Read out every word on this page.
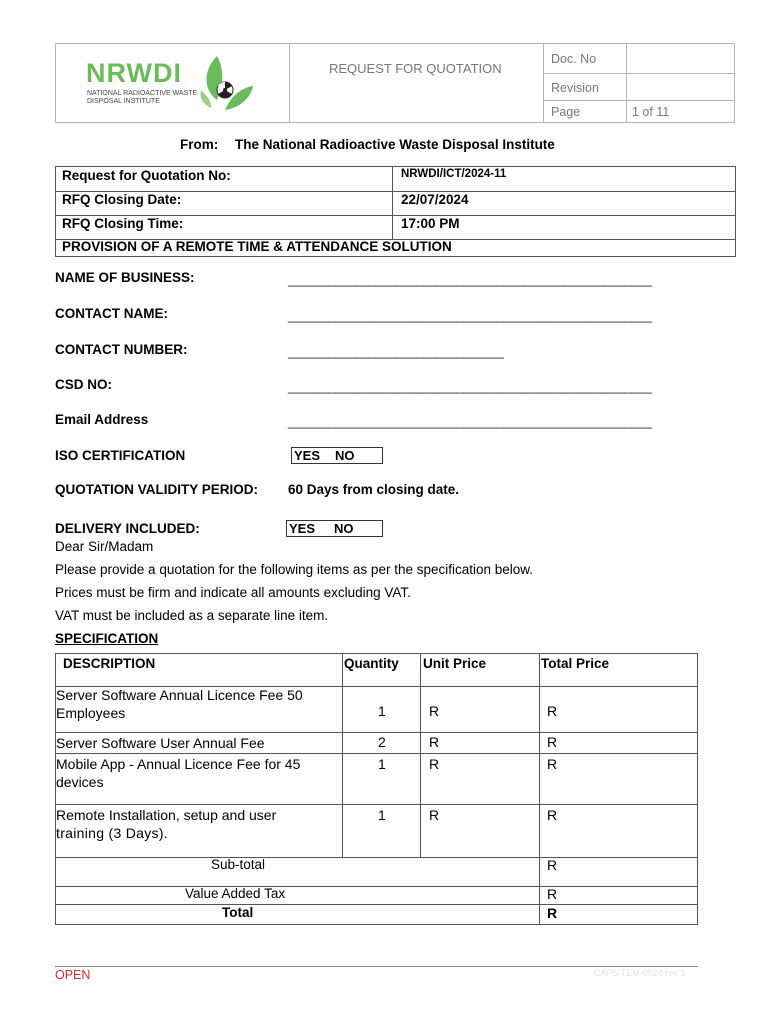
NRWDI
NATIONAL RADIOACTIVE WASTE
DISPOSAL INSTITUTE
REQUEST FOR QUOTATION
Doc. No
Revision
Page	1 of 11
From: The National Radioactive Waste Disposal Institute
Request for Quotation No:	NRWDI/ICT/2024-11
RFQ Closing Date:	22/07/2024
RFQ Closing Time:	17:00 PM
PROVISION OF A REMOTE TIME & ATTENDANCE SOLUTION
NAME OF BUSINESS:	______________________________________________________
CONTACT NAME:	______________________________________________________
CONTACT NUMBER:	________________________________
CSD NO:	______________________________________________________
Email Address	______________________________________________________
ISO CERTIFICATION	YES NO
QUOTATION VALIDITY PERIOD: 60 Days from closing date.
DELIVERY INCLUDED:	YES NO
Dear Sir/Madam
Please provide a quotation for the following items as per the specification below.
Prices must be firm and indicate all amounts excluding VAT.
VAT must be included as a separate line item.
SPECIFICATION
DESCRIPTION	Quantity Unit Price	Total Price
Server Software Annual Licence Fee 50
Employees	1	R	R
Server Software User Annual Fee	2	R	R
Mobile App - Annual Licence Fee for 45
devices
1	R	R
Remote Installation, setup and user
training (3 Days).
1	R	R
Sub-total	R
Value Added Tax	R
Total	R
OPEN	CAPS TEM-0024 rev 1
